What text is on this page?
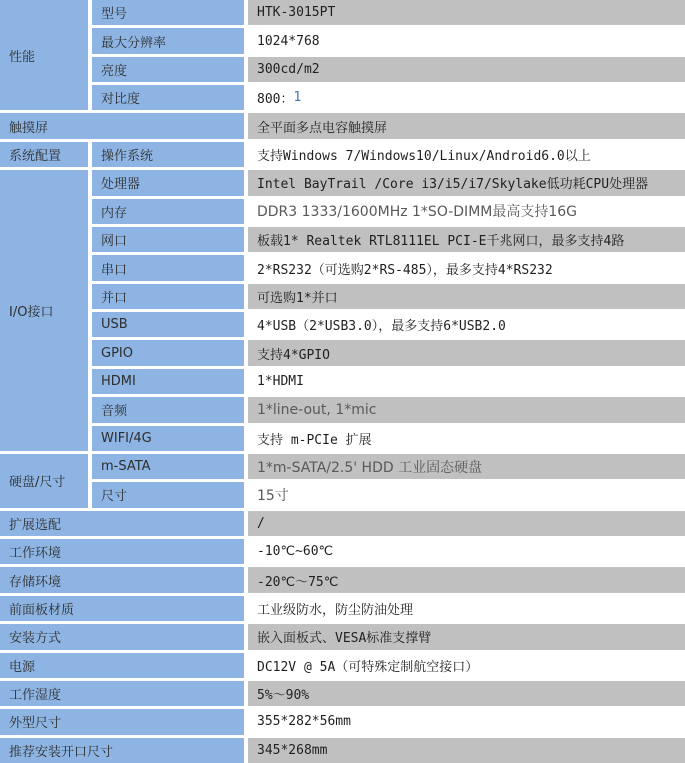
性能
系统配置
I/O接口
硬盘/尺寸
触摸屏
扩展选配
工作环境
存储环境
前面板材质
安装方式
电源
工作湿度
外型尺寸
推荐安装开口尺寸
型号
最大分辨率
亮度
对比度
操作系统
处理器
内存
网口
串口
并口
USB
GPIO
HDMI
音频
WIFI/4G
m-SATA
尺寸
HTK-3015PT
1024*768
300cd/m2
800： 1
全平面多点电容触摸屏
支持Windows 7/Windows10/Linux/Android6.0以上
Intel BayTrail /Core i3/i5/i7/Skylake低功耗CPU处理器
DDR3 1333/1600MHz 1*SO-DIMM最高支持16G
板载1* Realtek RTL8111EL PCI-E千兆网口，最多支持4路
2*RS232（可选购2*RS-485），最多支持4*RS232
可选购1*并口
4*USB（2*USB3.0），最多支持6*USB2.0
支持4*GPIO
1*HDMI
1*line-out, 1*mic
支持 m-PCIe 扩展
1*m-SATA/2.5' HDD 工业固态硬盘
15寸
/
-10℃~60℃
-20℃～75℃
工业级防水，防尘防油处理
嵌入面板式、VESA标准支撑臂
DC12V @ 5A（可特殊定制航空接口）
5%～90%
355*282*56mm
345*268mm
